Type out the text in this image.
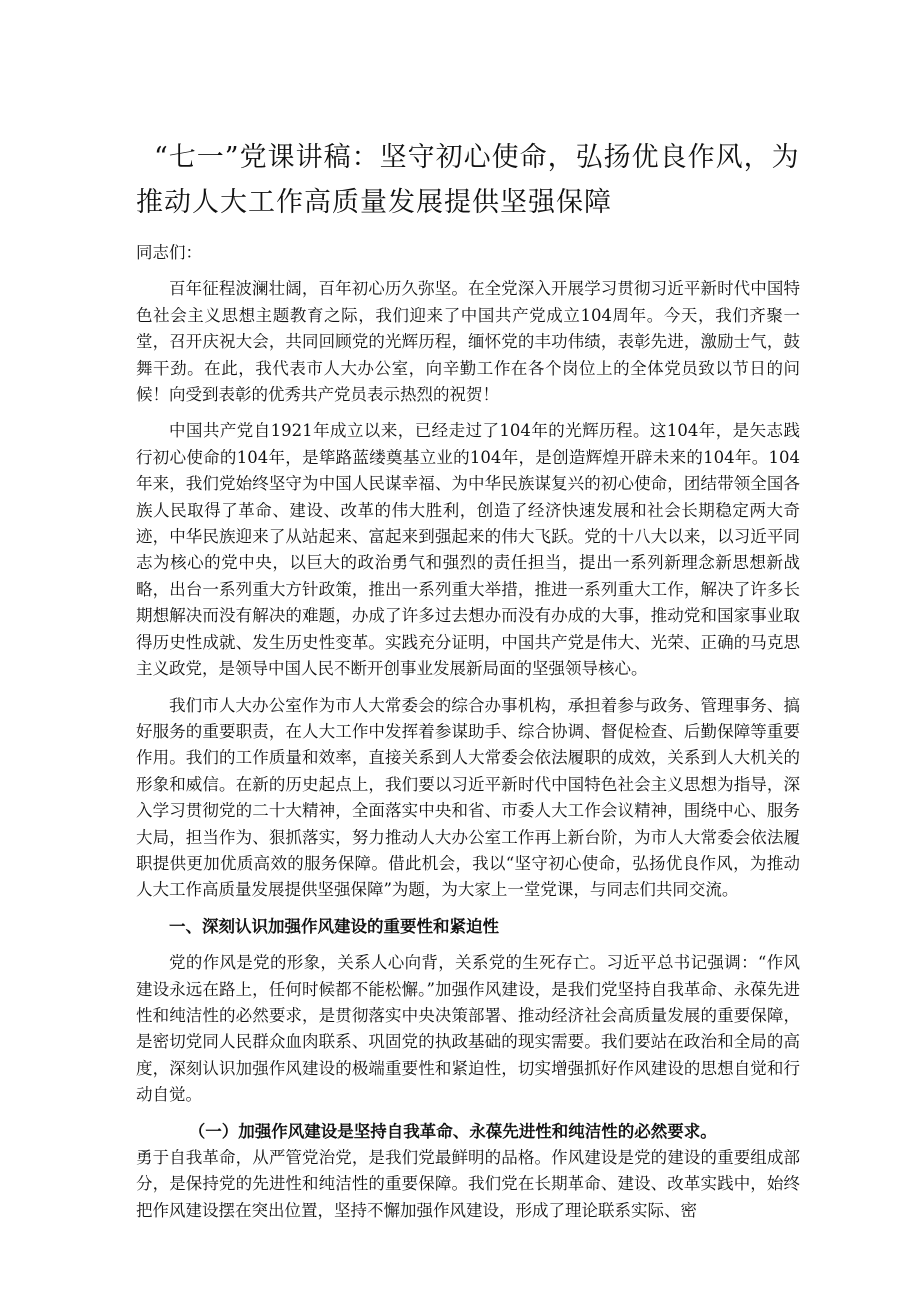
“七一”党课讲稿：坚守初心使命，弘扬优良作风，为
推动人大工作高质量发展提供坚强保障

同志们：

百年征程波澜壮阔，百年初心历久弥坚。在全党深入开展学习贯彻习近平新时代中国特色社会主义思想主题教育之际，我们迎来了中国共产党成立104周年。今天，我们齐聚一堂，召开庆祝大会，共同回顾党的光辉历程，缅怀党的丰功伟绩，表彰先进，激励士气，鼓舞干劲。在此，我代表市人大办公室，向辛勤工作在各个岗位上的全体党员致以节日的问候！向受到表彰的优秀共产党员表示热烈的祝贺！

中国共产党自1921年成立以来，已经走过了104年的光辉历程。这104年，是矢志践行初心使命的104年，是筚路蓝缕奠基立业的104年，是创造辉煌开辟未来的104年。104年来，我们党始终坚守为中国人民谋幸福、为中华民族谋复兴的初心使命，团结带领全国各族人民取得了革命、建设、改革的伟大胜利，创造了经济快速发展和社会长期稳定两大奇迹，中华民族迎来了从站起来、富起来到强起来的伟大飞跃。党的十八大以来，以习近平同志为核心的党中央，以巨大的政治勇气和强烈的责任担当，提出一系列新理念新思想新战略，出台一系列重大方针政策，推出一系列重大举措，推进一系列重大工作，解决了许多长期想解决而没有解决的难题，办成了许多过去想办而没有办成的大事，推动党和国家事业取得历史性成就、发生历史性变革。实践充分证明，中国共产党是伟大、光荣、正确的马克思主义政党，是领导中国人民不断开创事业发展新局面的坚强领导核心。

我们市人大办公室作为市人大常委会的综合办事机构，承担着参与政务、管理事务、搞好服务的重要职责，在人大工作中发挥着参谋助手、综合协调、督促检查、后勤保障等重要作用。我们的工作质量和效率，直接关系到人大常委会依法履职的成效，关系到人大机关的形象和威信。在新的历史起点上，我们要以习近平新时代中国特色社会主义思想为指导，深入学习贯彻党的二十大精神，全面落实中央和省、市委人大工作会议精神，围绕中心、服务大局，担当作为、狠抓落实，努力推动人大办公室工作再上新台阶，为市人大常委会依法履职提供更加优质高效的服务保障。借此机会，我以“坚守初心使命，弘扬优良作风，为推动人大工作高质量发展提供坚强保障”为题，为大家上一堂党课，与同志们共同交流。

一、深刻认识加强作风建设的重要性和紧迫性

党的作风是党的形象，关系人心向背，关系党的生死存亡。习近平总书记强调：“作风建设永远在路上，任何时候都不能松懈。”加强作风建设，是我们党坚持自我革命、永葆先进性和纯洁性的必然要求，是贯彻落实中央决策部署、推动经济社会高质量发展的重要保障，是密切党同人民群众血肉联系、巩固党的执政基础的现实需要。我们要站在政治和全局的高度，深刻认识加强作风建设的极端重要性和紧迫性，切实增强抓好作风建设的思想自觉和行动自觉。

（一）加强作风建设是坚持自我革命、永葆先进性和纯洁性的必然要求。

勇于自我革命，从严管党治党，是我们党最鲜明的品格。作风建设是党的建设的重要组成部分，是保持党的先进性和纯洁性的重要保障。我们党在长期革命、建设、改革实践中，始终把作风建设摆在突出位置，坚持不懈加强作风建设，形成了理论联系实际、密
